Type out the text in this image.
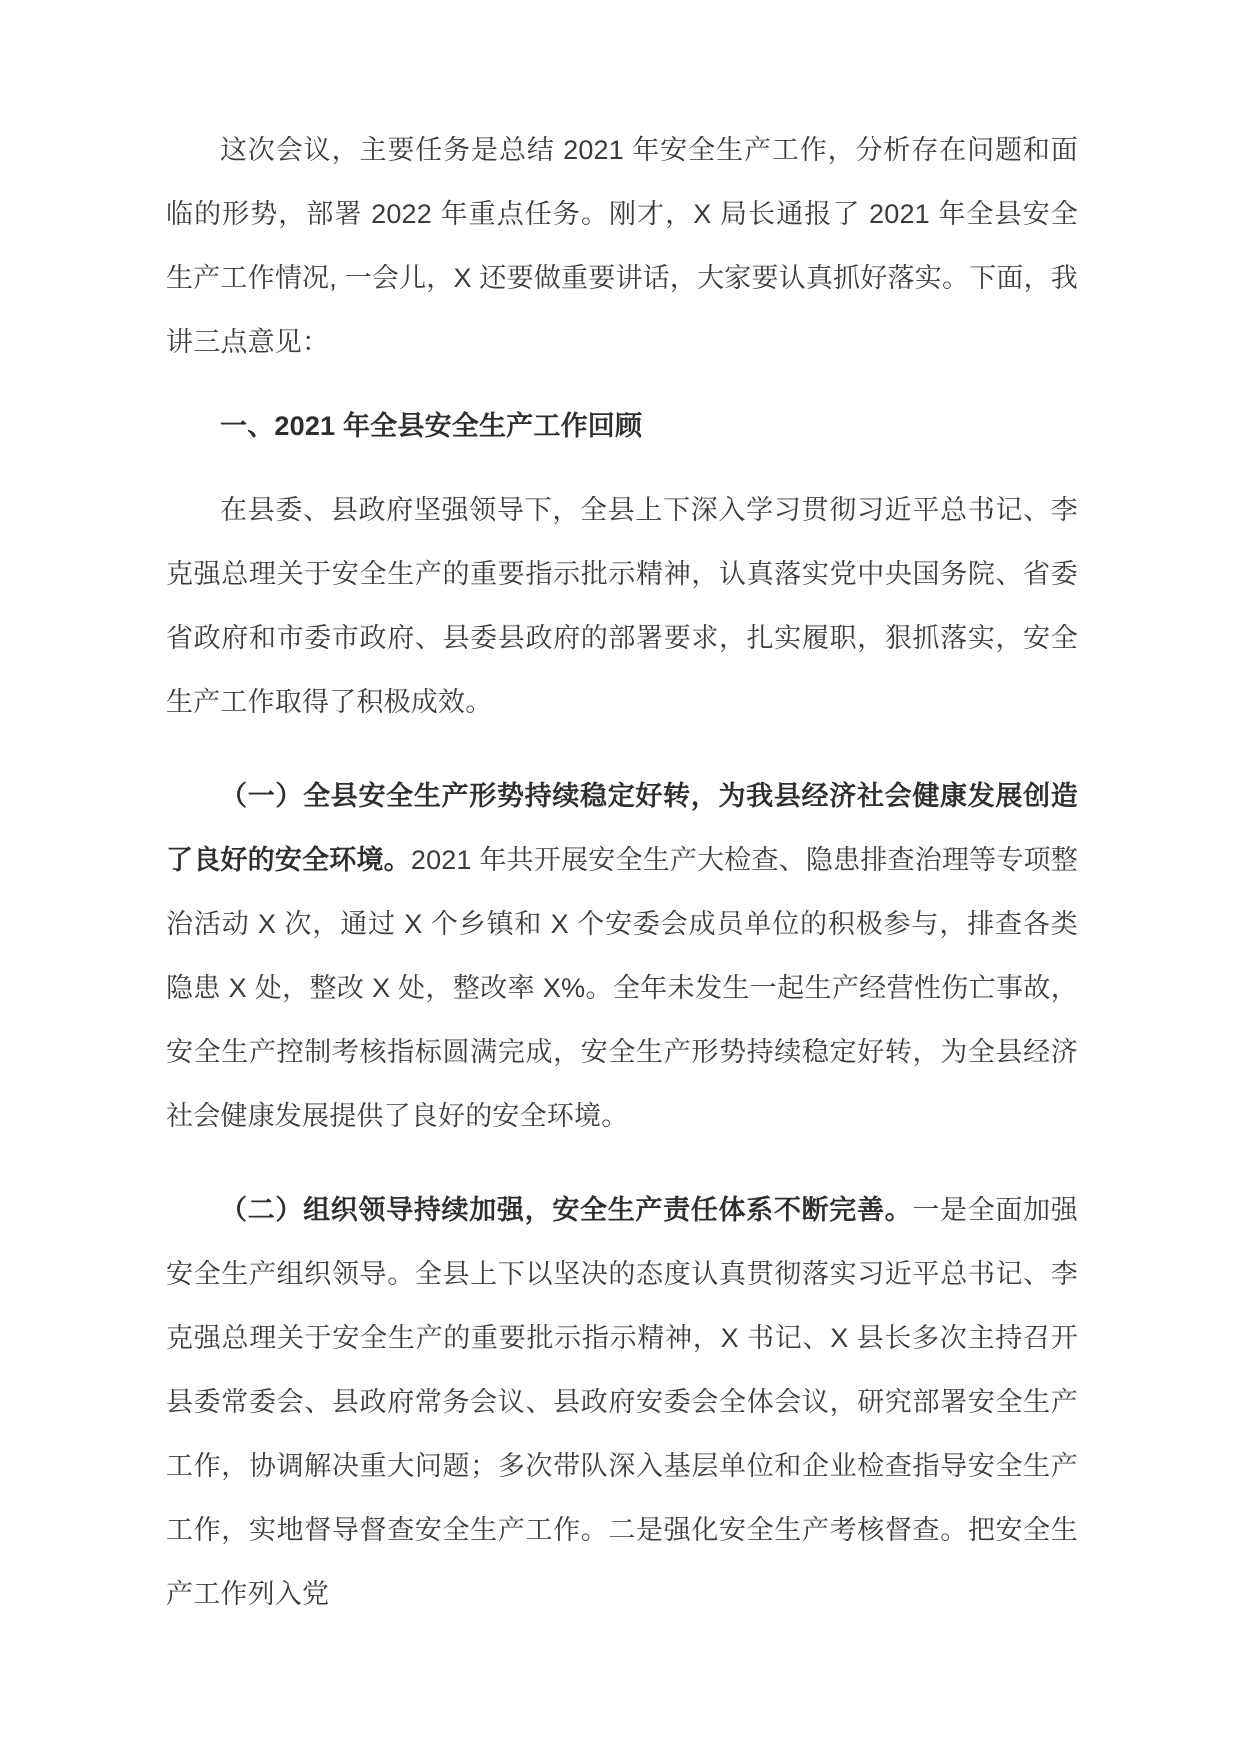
这次会议，主要任务是总结 2021 年安全生产工作，分析存在问题和面临的形势，部署 2022 年重点任务。刚才，X 局长通报了 2021 年全县安全生产工作情况, 一会儿，X 还要做重要讲话，大家要认真抓好落实。下面，我讲三点意见：

一、2021 年全县安全生产工作回顾

在县委、县政府坚强领导下，全县上下深入学习贯彻习近平总书记、李克强总理关于安全生产的重要指示批示精神，认真落实党中央国务院、省委省政府和市委市政府、县委县政府的部署要求，扎实履职，狠抓落实，安全生产工作取得了积极成效。

（一）全县安全生产形势持续稳定好转，为我县经济社会健康发展创造了良好的安全环境。2021 年共开展安全生产大检查、隐患排查治理等专项整治活动 X 次，通过 X 个乡镇和 X 个安委会成员单位的积极参与，排查各类隐患 X 处，整改 X 处，整改率 X%。全年未发生一起生产经营性伤亡事故，安全生产控制考核指标圆满完成，安全生产形势持续稳定好转，为全县经济社会健康发展提供了良好的安全环境。

（二）组织领导持续加强，安全生产责任体系不断完善。一是全面加强安全生产组织领导。全县上下以坚决的态度认真贯彻落实习近平总书记、李克强总理关于安全生产的重要批示指示精神，X 书记、X 县长多次主持召开县委常委会、县政府常务会议、县政府安委会全体会议，研究部署安全生产工作，协调解决重大问题；多次带队深入基层单位和企业检查指导安全生产工作，实地督导督查安全生产工作。二是强化安全生产考核督查。把安全生产工作列入党
